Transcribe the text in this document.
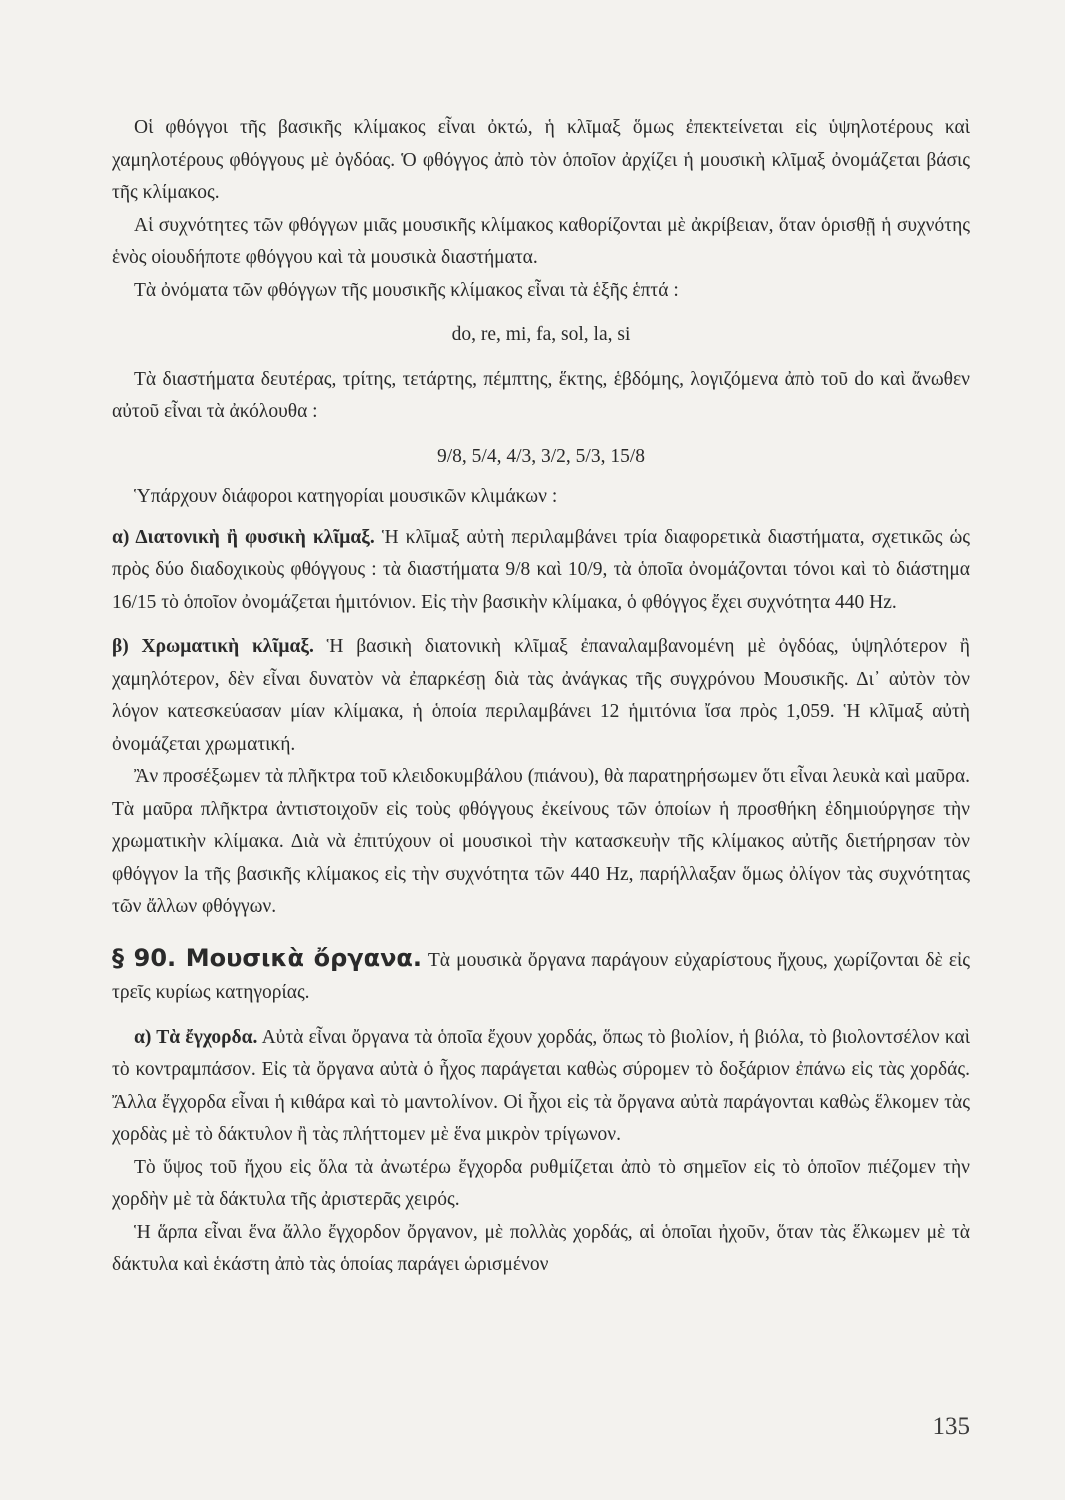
Οἱ φθόγγοι τῆς βασικῆς κλίμακος εἶναι ὀκτώ, ἡ κλῖμαξ ὅμως ἐπεκτείνεται εἰς ὑψηλοτέρους καὶ χαμηλοτέρους φθόγγους μὲ ὀγδόας. Ὁ φθόγγος ἀπὸ τὸν ὁποῖον ἀρχίζει ἡ μουσικὴ κλῖμαξ ὀνομάζεται βάσις τῆς κλίμακος.

Αἱ συχνότητες τῶν φθόγγων μιᾶς μουσικῆς κλίμακος καθορίζονται μὲ ἀκρίβειαν, ὅταν ὁρισθῇ ἡ συχνότης ἑνὸς οἱουδήποτε φθόγγου καὶ τὰ μουσικὰ διαστήματα.

Τὰ ὀνόματα τῶν φθόγγων τῆς μουσικῆς κλίμακος εἶναι τὰ ἑξῆς ἑπτά :

do, re, mi, fa, sol, la, si

Τὰ διαστήματα δευτέρας, τρίτης, τετάρτης, πέμπτης, ἕκτης, ἑβδόμης, λογιζόμενα ἀπὸ τοῦ do καὶ ἄνωθεν αὐτοῦ εἶναι τὰ ἀκόλουθα :

9/8, 5/4, 4/3, 3/2, 5/3, 15/8

Ὑπάρχουν διάφοροι κατηγορίαι μουσικῶν κλιμάκων :

α) Διατονικὴ ἢ φυσικὴ κλῖμαξ. Ἡ κλῖμαξ αὐτὴ περιλαμβάνει τρία διαφορετικὰ διαστήματα, σχετικῶς ὡς πρὸς δύο διαδοχικοὺς φθόγγους : τὰ διαστήματα 9/8 καὶ 10/9, τὰ ὁποῖα ὀνομάζονται τόνοι καὶ τὸ διάστημα 16/15 τὸ ὁποῖον ὀνομάζεται ἡμιτόνιον. Εἰς τὴν βασικὴν κλίμακα, ὁ φθόγγος ἔχει συχνότητα 440 Hz.

β) Χρωματικὴ κλῖμαξ. Ἡ βασικὴ διατονικὴ κλῖμαξ ἐπαναλαμβανομένη μὲ ὀγδόας, ὑψηλότερον ἢ χαμηλότερον, δὲν εἶναι δυνατὸν νὰ ἐπαρκέσῃ διὰ τὰς ἀνάγκας τῆς συγχρόνου Μουσικῆς. Δι᾽ αὐτὸν τὸν λόγον κατεσκεύασαν μίαν κλίμακα, ἡ ὁποία περιλαμβάνει 12 ἡμιτόνια ἴσα πρὸς 1,059. Ἡ κλῖμαξ αὐτὴ ὀνομάζεται χρωματική.

Ἂν προσέξωμεν τὰ πλῆκτρα τοῦ κλειδοκυμβάλου (πιάνου), θὰ παρατηρήσωμεν ὅτι εἶναι λευκὰ καὶ μαῦρα. Τὰ μαῦρα πλῆκτρα ἀντιστοιχοῦν εἰς τοὺς φθόγγους ἐκείνους τῶν ὁποίων ἡ προσθήκη ἐδημιούργησε τὴν χρωματικὴν κλίμακα. Διὰ νὰ ἐπιτύχουν οἱ μουσικοὶ τὴν κατασκευὴν τῆς κλίμακος αὐτῆς διετήρησαν τὸν φθόγγον la τῆς βασικῆς κλίμακος εἰς τὴν συχνότητα τῶν 440 Hz, παρήλλαξαν ὅμως ὀλίγον τὰς συχνότητας τῶν ἄλλων φθόγγων.

§ 90. Μουσικὰ ὄργανα. Τὰ μουσικὰ ὄργανα παράγουν εὐχαρίστους ἤχους, χωρίζονται δὲ εἰς τρεῖς κυρίως κατηγορίας.

α) Τὰ ἔγχορδα. Αὐτὰ εἶναι ὄργανα τὰ ὁποῖα ἔχουν χορδάς, ὅπως τὸ βιολίον, ἡ βιόλα, τὸ βιολοντσέλον καὶ τὸ κοντραμπάσον. Εἰς τὰ ὄργανα αὐτὰ ὁ ἦχος παράγεται καθὼς σύρομεν τὸ δοξάριον ἐπάνω εἰς τὰς χορδάς. Ἄλλα ἔγχορδα εἶναι ἡ κιθάρα καὶ τὸ μαντολίνον. Οἱ ἦχοι εἰς τὰ ὄργανα αὐτὰ παράγονται καθὼς ἕλκομεν τὰς χορδὰς μὲ τὸ δάκτυλον ἢ τὰς πλήττομεν μὲ ἕνα μικρὸν τρίγωνον.

Τὸ ὕψος τοῦ ἤχου εἰς ὅλα τὰ ἀνωτέρω ἔγχορδα ρυθμίζεται ἀπὸ τὸ σημεῖον εἰς τὸ ὁποῖον πιέζομεν τὴν χορδὴν μὲ τὰ δάκτυλα τῆς ἀριστερᾶς χειρός.

Ἡ ἅρπα εἶναι ἕνα ἄλλο ἔγχορδον ὄργανον, μὲ πολλὰς χορδάς, αἱ ὁποῖαι ἠχοῦν, ὅταν τὰς ἕλκωμεν μὲ τὰ δάκτυλα καὶ ἑκάστη ἀπὸ τὰς ὁποίας παράγει ὡρισμένον

135
